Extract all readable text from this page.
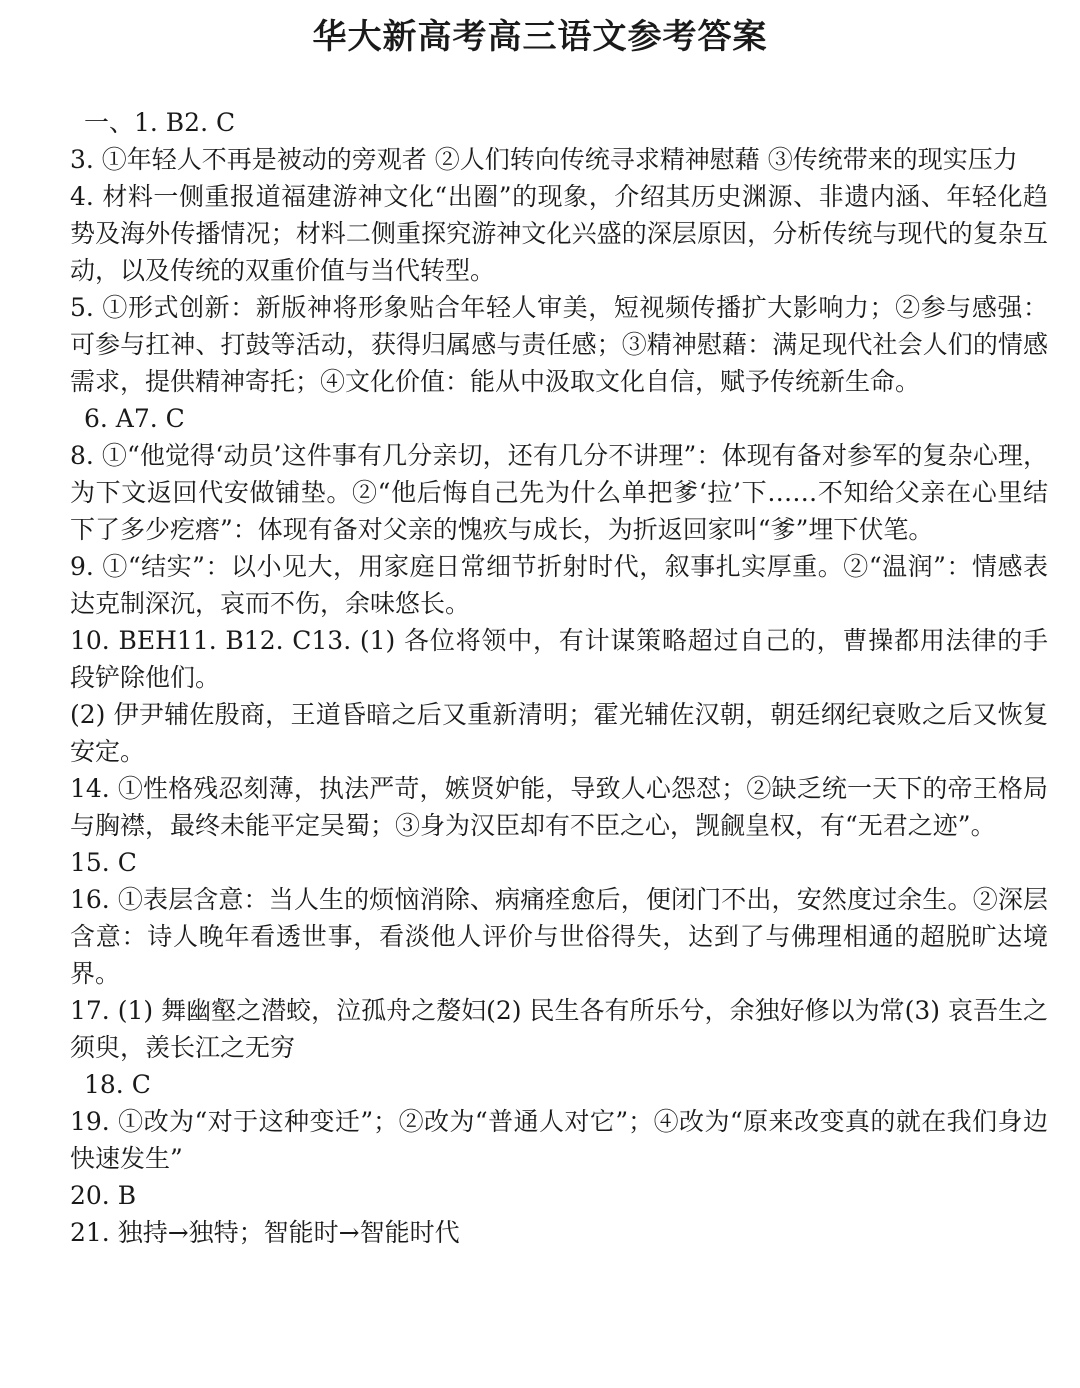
华大新高考高三语文参考答案

一、1. B2. C

3. ①年轻人不再是被动的旁观者 ②人们转向传统寻求精神慰藉 ③传统带来的现实压力

4. 材料一侧重报道福建游神文化“出圈”的现象，介绍其历史渊源、非遗内涵、年轻化趋势及海外传播情况；材料二侧重探究游神文化兴盛的深层原因，分析传统与现代的复杂互动，以及传统的双重价值与当代转型。

5. ①形式创新：新版神将形象贴合年轻人审美，短视频传播扩大影响力；②参与感强：可参与扛神、打鼓等活动，获得归属感与责任感；③精神慰藉：满足现代社会人们的情感需求，提供精神寄托；④文化价值：能从中汲取文化自信，赋予传统新生命。

6. A7. C

8. ①“他觉得‘动员’这件事有几分亲切，还有几分不讲理”：体现有备对参军的复杂心理，为下文返回代安做铺垫。②“他后悔自己先为什么单把爹‘拉’下……不知给父亲在心里结下了多少疙瘩”：体现有备对父亲的愧疚与成长，为折返回家叫“爹”埋下伏笔。

9. ①“结实”：以小见大，用家庭日常细节折射时代，叙事扎实厚重。②“温润”：情感表达克制深沉，哀而不伤，余味悠长。

10. BEH11. B12. C13. (1) 各位将领中，有计谋策略超过自己的，曹操都用法律的手段铲除他们。

(2) 伊尹辅佐殷商，王道昏暗之后又重新清明；霍光辅佐汉朝，朝廷纲纪衰败之后又恢复安定。

14. ①性格残忍刻薄，执法严苛，嫉贤妒能，导致人心怨怼；②缺乏统一天下的帝王格局与胸襟，最终未能平定吴蜀；③身为汉臣却有不臣之心，觊觎皇权，有“无君之迹”。

15. C

16. ①表层含意：当人生的烦恼消除、病痛痊愈后，便闭门不出，安然度过余生。②深层含意：诗人晚年看透世事，看淡他人评价与世俗得失，达到了与佛理相通的超脱旷达境界。

17. (1) 舞幽壑之潜蛟，泣孤舟之嫠妇(2) 民生各有所乐兮，余独好修以为常(3) 哀吾生之须臾，羡长江之无穷

18. C

19. ①改为“对于这种变迁”；②改为“普通人对它”；④改为“原来改变真的就在我们身边快速发生”

20. B

21. 独持→独特；智能时→智能时代
